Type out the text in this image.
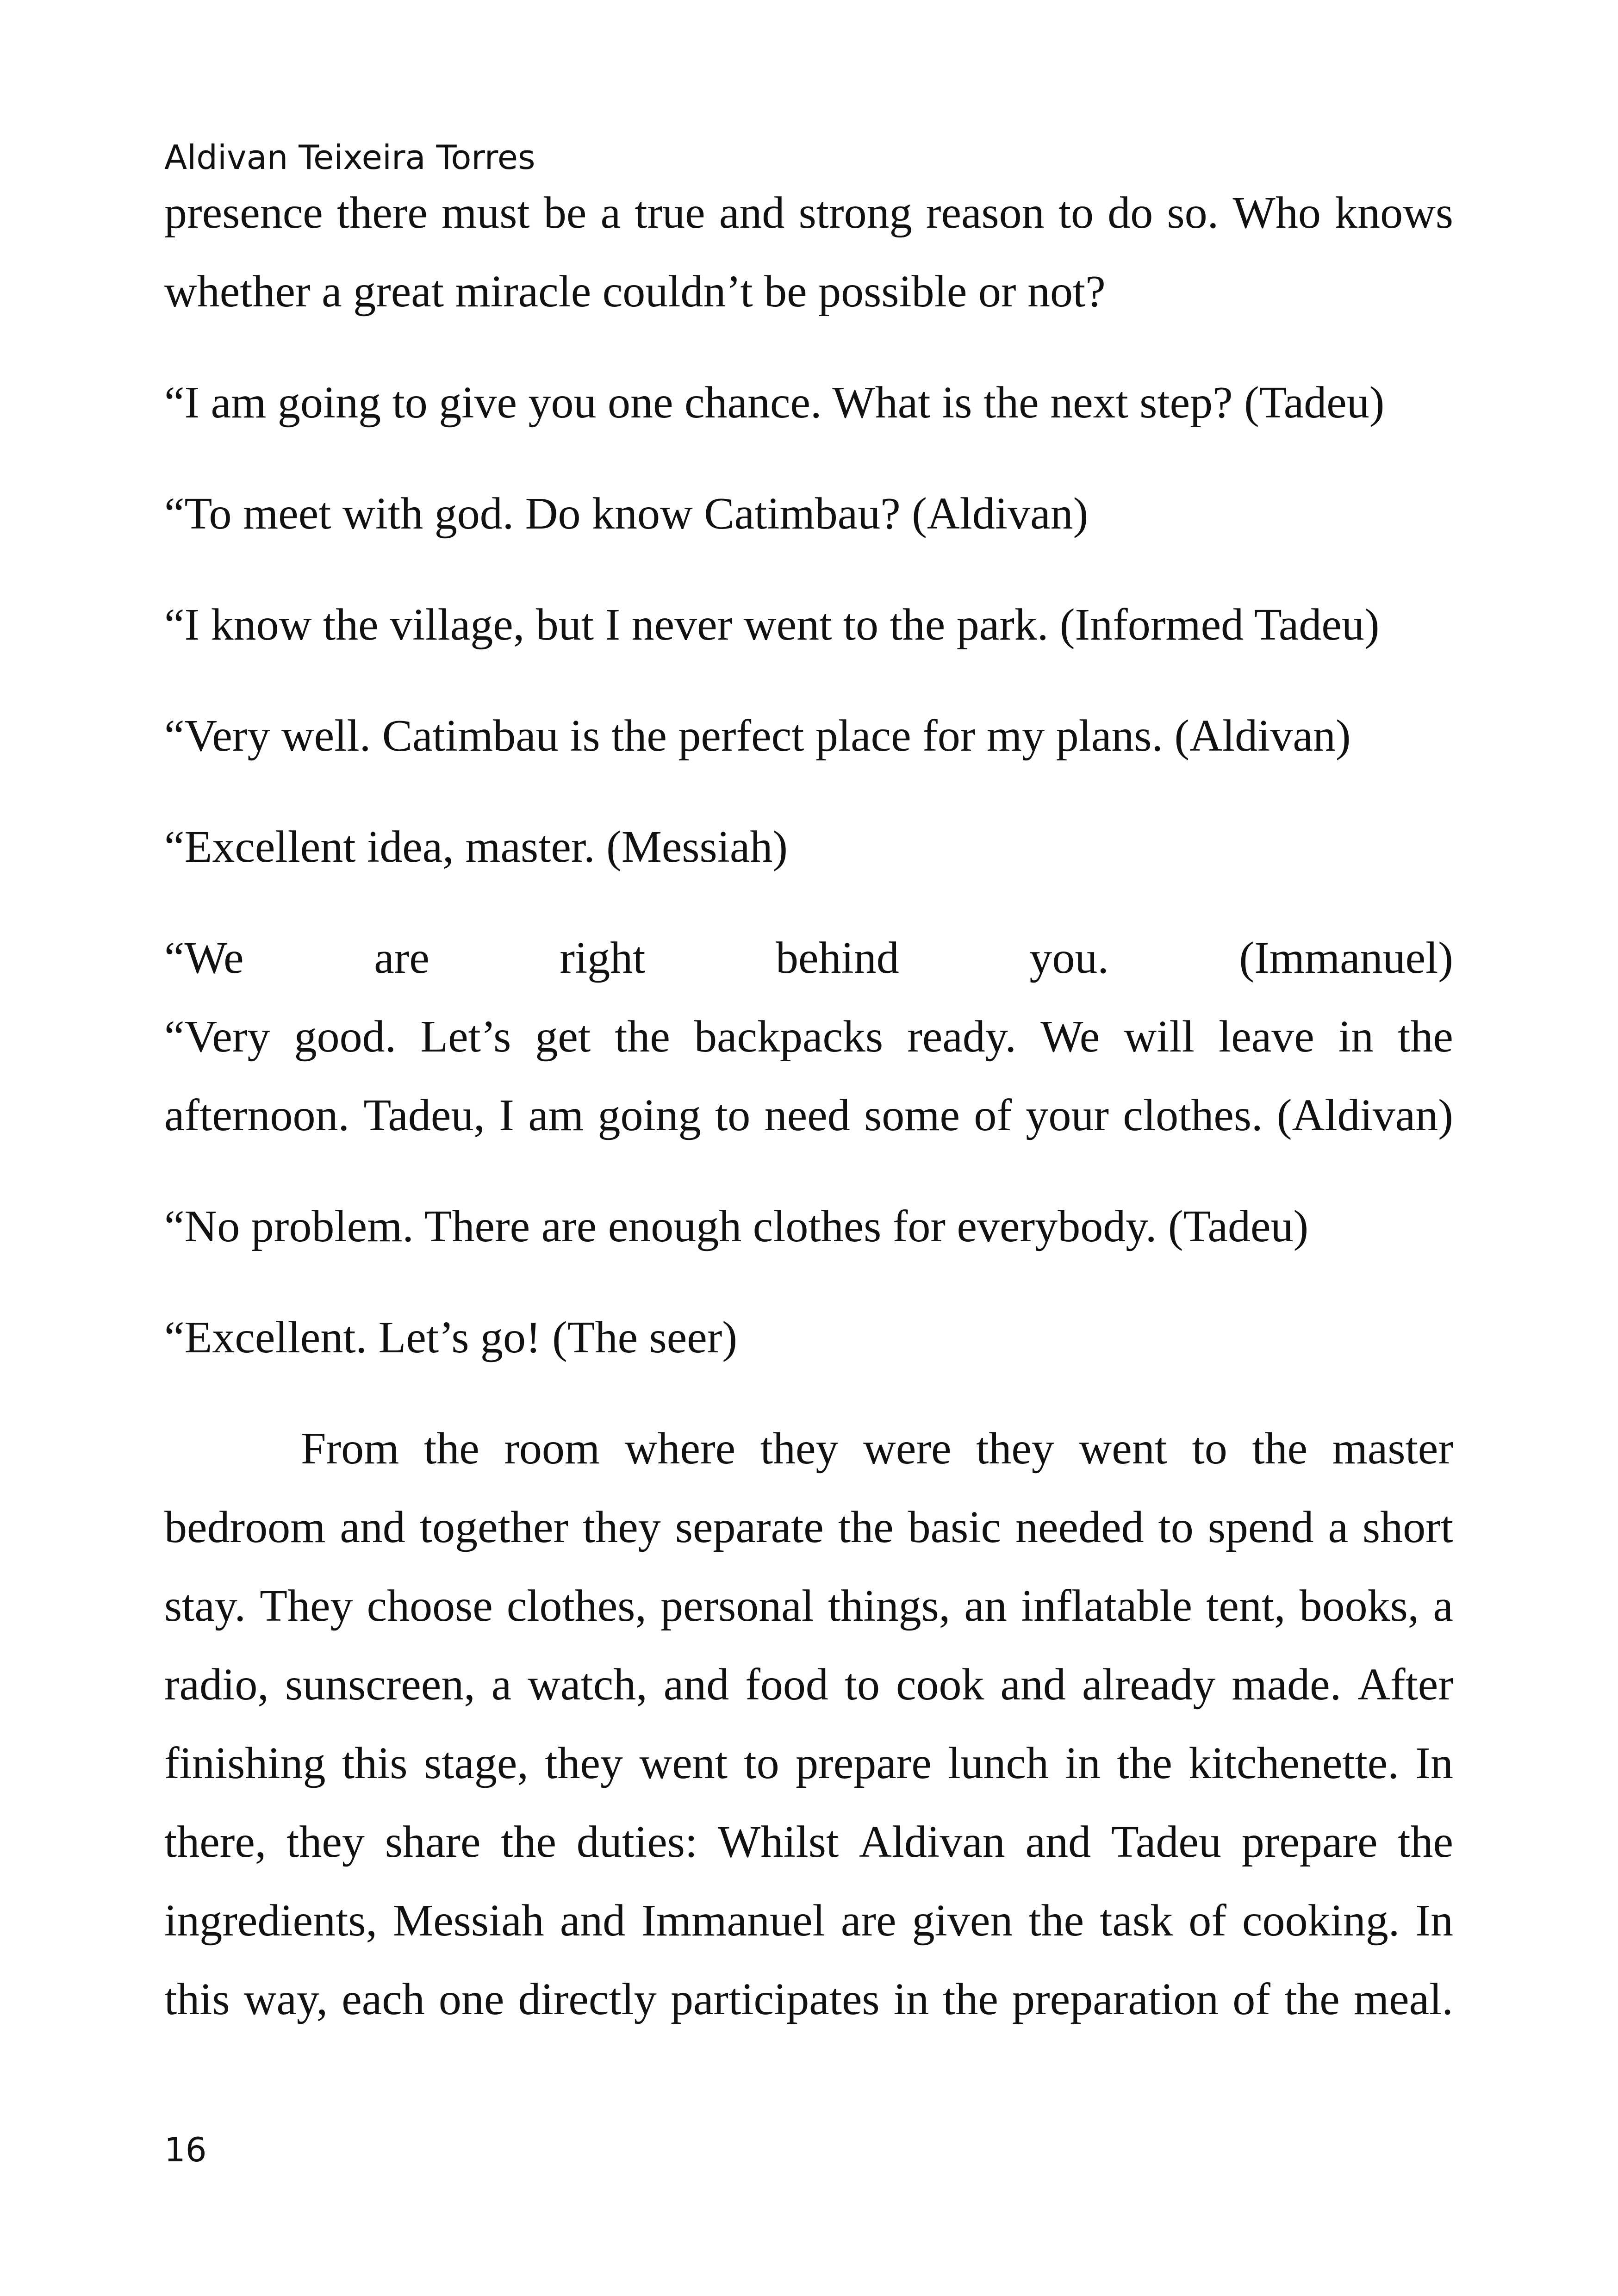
Aldivan Teixeira Torres
presence there must be a true and strong reason to do so. Who knows
whether a great miracle couldn’t be possible or not?
“I am going to give you one chance. What is the next step? (Tadeu)
“To meet with god. Do know Catimbau? (Aldivan)
“I know the village, but I never went to the park. (Informed Tadeu)
“Very well. Catimbau is the perfect place for my plans. (Aldivan)
“Excellent idea, master. (Messiah)
“We	are	right	behind	you.	(Immanuel)
“Very good. Let’s get the backpacks ready. We will leave in the
afternoon. Tadeu, I am going to need some of your clothes. (Aldivan)
“No problem. There are enough clothes for everybody. (Tadeu)
“Excellent. Let’s go! (The seer)
From the room where they were they went to the master
bedroom and together they separate the basic needed to spend a short
stay. They choose clothes, personal things, an inflatable tent, books, a
radio, sunscreen, a watch, and food to cook and already made. After
finishing this stage, they went to prepare lunch in the kitchenette. In
there, they share the duties: Whilst Aldivan and Tadeu prepare the
ingredients, Messiah and Immanuel are given the task of cooking. In
this way, each one directly participates in the preparation of the meal.
16
